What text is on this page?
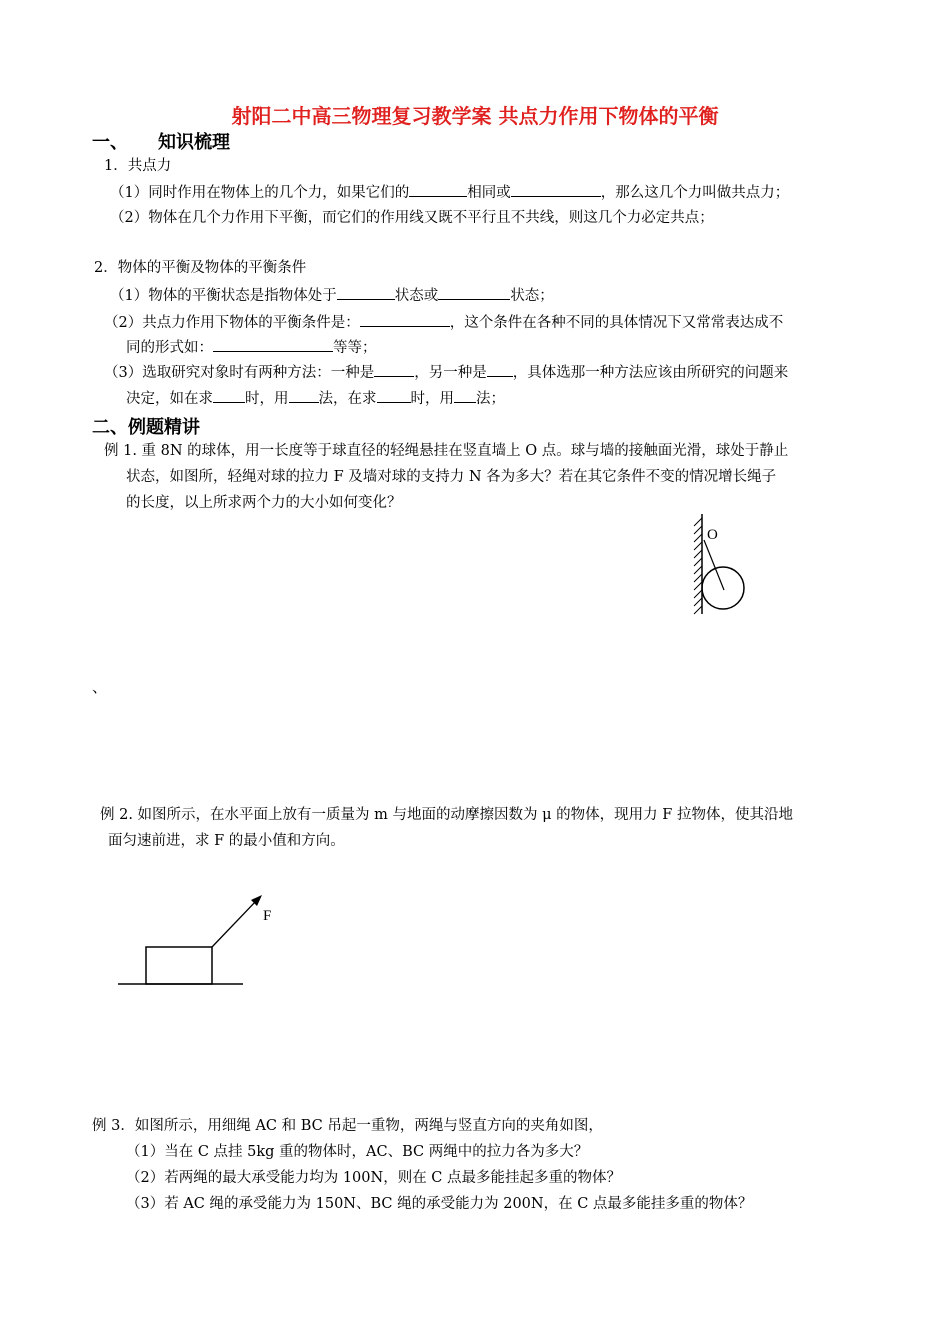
射阳二中高三物理复习教学案 共点力作用下物体的平衡
一、 知识梳理
1．共点力
（1）同时作用在物体上的几个力，如果它们的	相同或	，那么这几个力叫做共点力；
（2）物体在几个力作用下平衡，而它们的作用线又既不平行且不共线，则这几个力必定共点；
2．物体的平衡及物体的平衡条件
（1）物体的平衡状态是指物体处于	状态或	状态；
（2）共点力作用下物体的平衡条件是：	，这个条件在各种不同的具体情况下又常常表达成不
同的形式如：	等等；
（3）选取研究对象时有两种方法：一种是	，另一种是 ，具体选那一种方法应该由所研究的问题来
决定，如在求 时，用 法，在求 时，用 法；
二、例题精讲
例 1. 重 8N 的球体，用一长度等于球直径的轻绳悬挂在竖直墙上 O 点。球与墙的接触面光滑，球处于静止
状态，如图所，轻绳对球的拉力 F 及墙对球的支持力 N 各为多大？若在其它条件不变的情况增长绳子
的长度，以上所求两个力的大小如何变化？
O
、
例 2. 如图所示，在水平面上放有一质量为 m 与地面的动摩擦因数为 μ 的物体，现用力 F 拉物体，使其沿地
面匀速前进，求 F 的最小值和方向。
F
例 3．如图所示，用细绳 AC 和 BC 吊起一重物，两绳与竖直方向的夹角如图，
（1）当在 C 点挂 5kg 重的物体时，AC、BC 两绳中的拉力各为多大？
（2）若两绳的最大承受能力均为 100N，则在 C 点最多能挂起多重的物体？
（3）若 AC 绳的承受能力为 150N、BC 绳的承受能力为 200N，在 C 点最多能挂多重的物体？
